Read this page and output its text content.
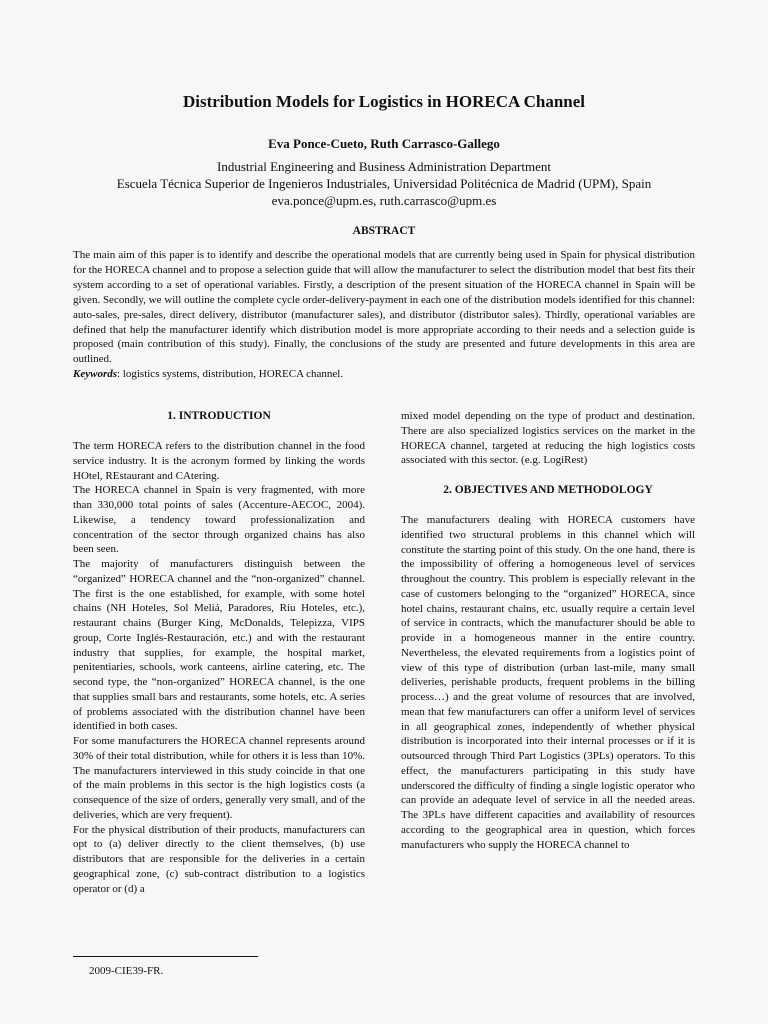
Distribution Models for Logistics in HORECA Channel
Eva Ponce-Cueto, Ruth Carrasco-Gallego
Industrial Engineering and Business Administration Department
Escuela Técnica Superior de Ingenieros Industriales, Universidad Politécnica de Madrid (UPM), Spain
eva.ponce@upm.es, ruth.carrasco@upm.es
ABSTRACT

The main aim of this paper is to identify and describe the operational models that are currently being used in Spain for physical distribution for the HORECA channel and to propose a selection guide that will allow the manufacturer to select the distribution model that best fits their system according to a set of operational variables. Firstly, a description of the present situation of the HORECA channel in Spain will be given. Secondly, we will outline the complete cycle order-delivery-payment in each one of the distribution models identified for this channel: auto-sales, pre-sales, direct delivery, distributor (manufacturer sales), and distributor (distributor sales). Thirdly, operational variables are defined that help the manufacturer identify which distribution model is more appropriate according to their needs and a selection guide is proposed (main contribution of this study). Finally, the conclusions of the study are presented and future developments in this area are outlined.

Keywords: logistics systems, distribution, HORECA channel.

1. INTRODUCTION

The term HORECA refers to the distribution channel in the food service industry. It is the acronym formed by linking the words HOtel, REstaurant and CAtering.

The HORECA channel in Spain is very fragmented, with more than 330,000 total points of sales (Accenture-AECOC, 2004). Likewise, a tendency toward professionalization and concentration of the sector through organized chains has also been seen.

The majority of manufacturers distinguish between the “organized” HORECA channel and the “non-organized” channel. The first is the one established, for example, with some hotel chains (NH Hoteles, Sol Meliá, Paradores, Riu Hoteles, etc.), restaurant chains (Burger King, McDonalds, Telepizza, VIPS group, Corte Inglés-Restauración, etc.) and with the restaurant industry that supplies, for example, the hospital market, penitentiaries, schools, work canteens, airline catering, etc. The second type, the “non-organized” HORECA channel, is the one that supplies small bars and restaurants, some hotels, etc. A series of problems associated with the distribution channel have been identified in both cases.

For some manufacturers the HORECA channel represents around 30% of their total distribution, while for others it is less than 10%. The manufacturers interviewed in this study coincide in that one of the main problems in this sector is the high logistics costs (a consequence of the size of orders, generally very small, and of the deliveries, which are very frequent).

For the physical distribution of their products, manufacturers can opt to (a) deliver directly to the client themselves, (b) use distributors that are responsible for the deliveries in a certain geographical zone, (c) sub-contract distribution to a logistics operator or (d) a

mixed model depending on the type of product and destination. There are also specialized logistics services on the market in the HORECA channel, targeted at reducing the high logistics costs associated with this sector. (e.g. LogiRest)

2. OBJECTIVES AND METHODOLOGY

The manufacturers dealing with HORECA customers have identified two structural problems in this channel which will constitute the starting point of this study. On the one hand, there is the impossibility of offering a homogeneous level of services throughout the country. This problem is especially relevant in the case of customers belonging to the “organized” HORECA, since hotel chains, restaurant chains, etc. usually require a certain level of service in contracts, which the manufacturer should be able to provide in a homogeneous manner in the entire country. Nevertheless, the elevated requirements from a logistics point of view of this type of distribution (urban last-mile, many small deliveries, perishable products, frequent problems in the billing process…) and the great volume of resources that are involved, mean that few manufacturers can offer a uniform level of services in all geographical zones, independently of whether physical distribution is incorporated into their internal processes or if it is outsourced through Third Part Logistics (3PLs) operators. To this effect, the manufacturers participating in this study have underscored the difficulty of finding a single logistic operator who can provide an adequate level of service in all the needed areas. The 3PLs have different capacities and availability of resources according to the geographical area in question, which forces manufacturers who supply the HORECA channel to

2009-CIE39-FR.
